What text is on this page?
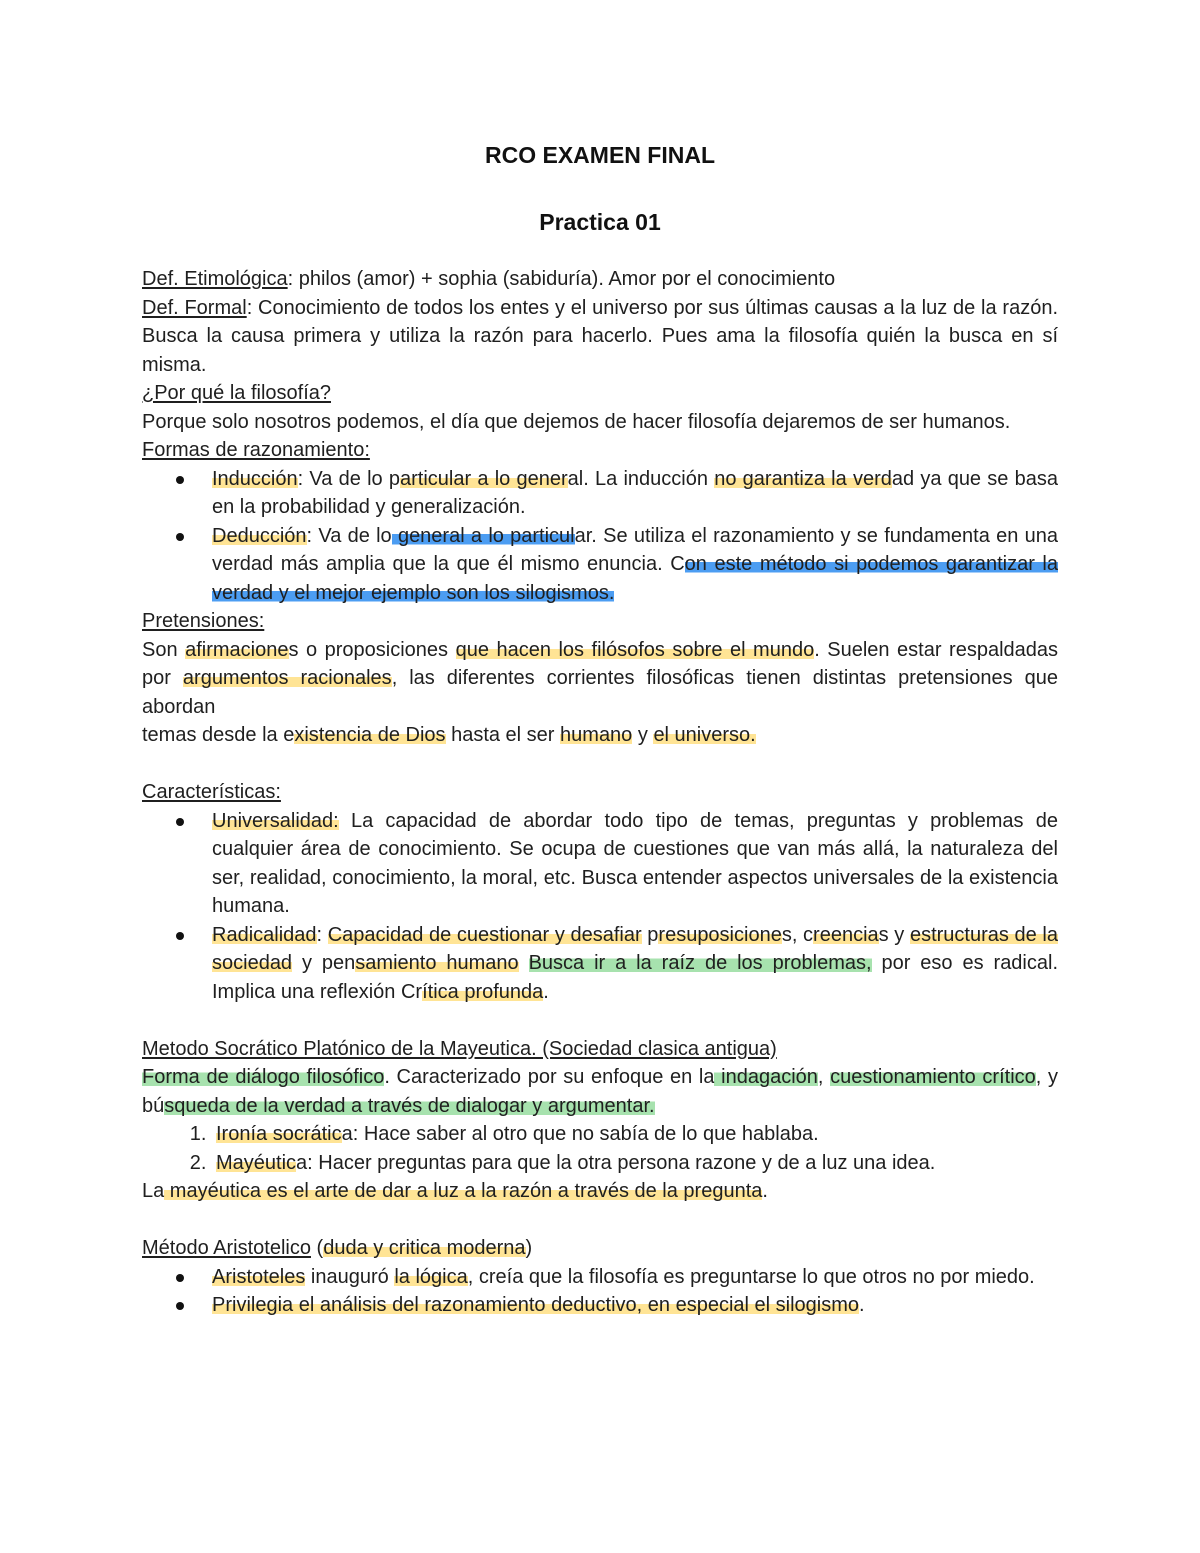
RCO EXAMEN FINAL
Practica 01

Def. Etimológica: philos (amor) + sophia (sabiduría). Amor por el conocimiento

Def. Formal: Conocimiento de todos los entes y el universo por sus últimas causas a la luz de la razón. Busca la causa primera y utiliza la razón para hacerlo. Pues ama la filosofía quién la busca en sí misma.

¿Por qué la filosofía?

Porque solo nosotros podemos, el día que dejemos de hacer filosofía dejaremos de ser humanos.

Formas de razonamiento:

Inducción: Va de lo particular a lo general. La inducción no garantiza la verdad ya que se basa en la probabilidad y generalización.
Deducción: Va de lo general a lo particular. Se utiliza el razonamiento y se fundamenta en una verdad más amplia que la que él mismo enuncia. Con este método si podemos garantizar la verdad y el mejor ejemplo son los silogismos.

Pretensiones:

Son afirmaciones o proposiciones que hacen los filósofos sobre el mundo. Suelen estar respaldadas por argumentos racionales, las diferentes corrientes filosóficas tienen distintas pretensiones que abordan

temas desde la existencia de Dios hasta el ser humano y el universo.

Características:

Universalidad: La capacidad de abordar todo tipo de temas, preguntas y problemas de cualquier área de conocimiento. Se ocupa de cuestiones que van más allá, la naturaleza del ser, realidad, conocimiento, la moral, etc. Busca entender aspectos universales de la existencia humana.
Radicalidad: Capacidad de cuestionar y desafiar presuposiciones, creencias y estructuras de la sociedad y pensamiento humano Busca ir a la raíz de los problemas, por eso es radical. Implica una reflexión Crítica profunda.

Metodo Socrático Platónico de la Mayeutica. (Sociedad clasica antigua)

Forma de diálogo filosófico. Caracterizado por su enfoque en la indagación, cuestionamiento crítico, y búsqueda de la verdad a través de dialogar y argumentar.

1. Ironía socrática: Hace saber al otro que no sabía de lo que hablaba.
2. Mayéutica: Hacer preguntas para que la otra persona razone y de a luz una idea.

La mayéutica es el arte de dar a luz a la razón a través de la pregunta.

Método Aristotelico (duda y critica moderna)

Aristoteles inauguró la lógica, creía que la filosofía es preguntarse lo que otros no por miedo.
Privilegia el análisis del razonamiento deductivo, en especial el silogismo.
